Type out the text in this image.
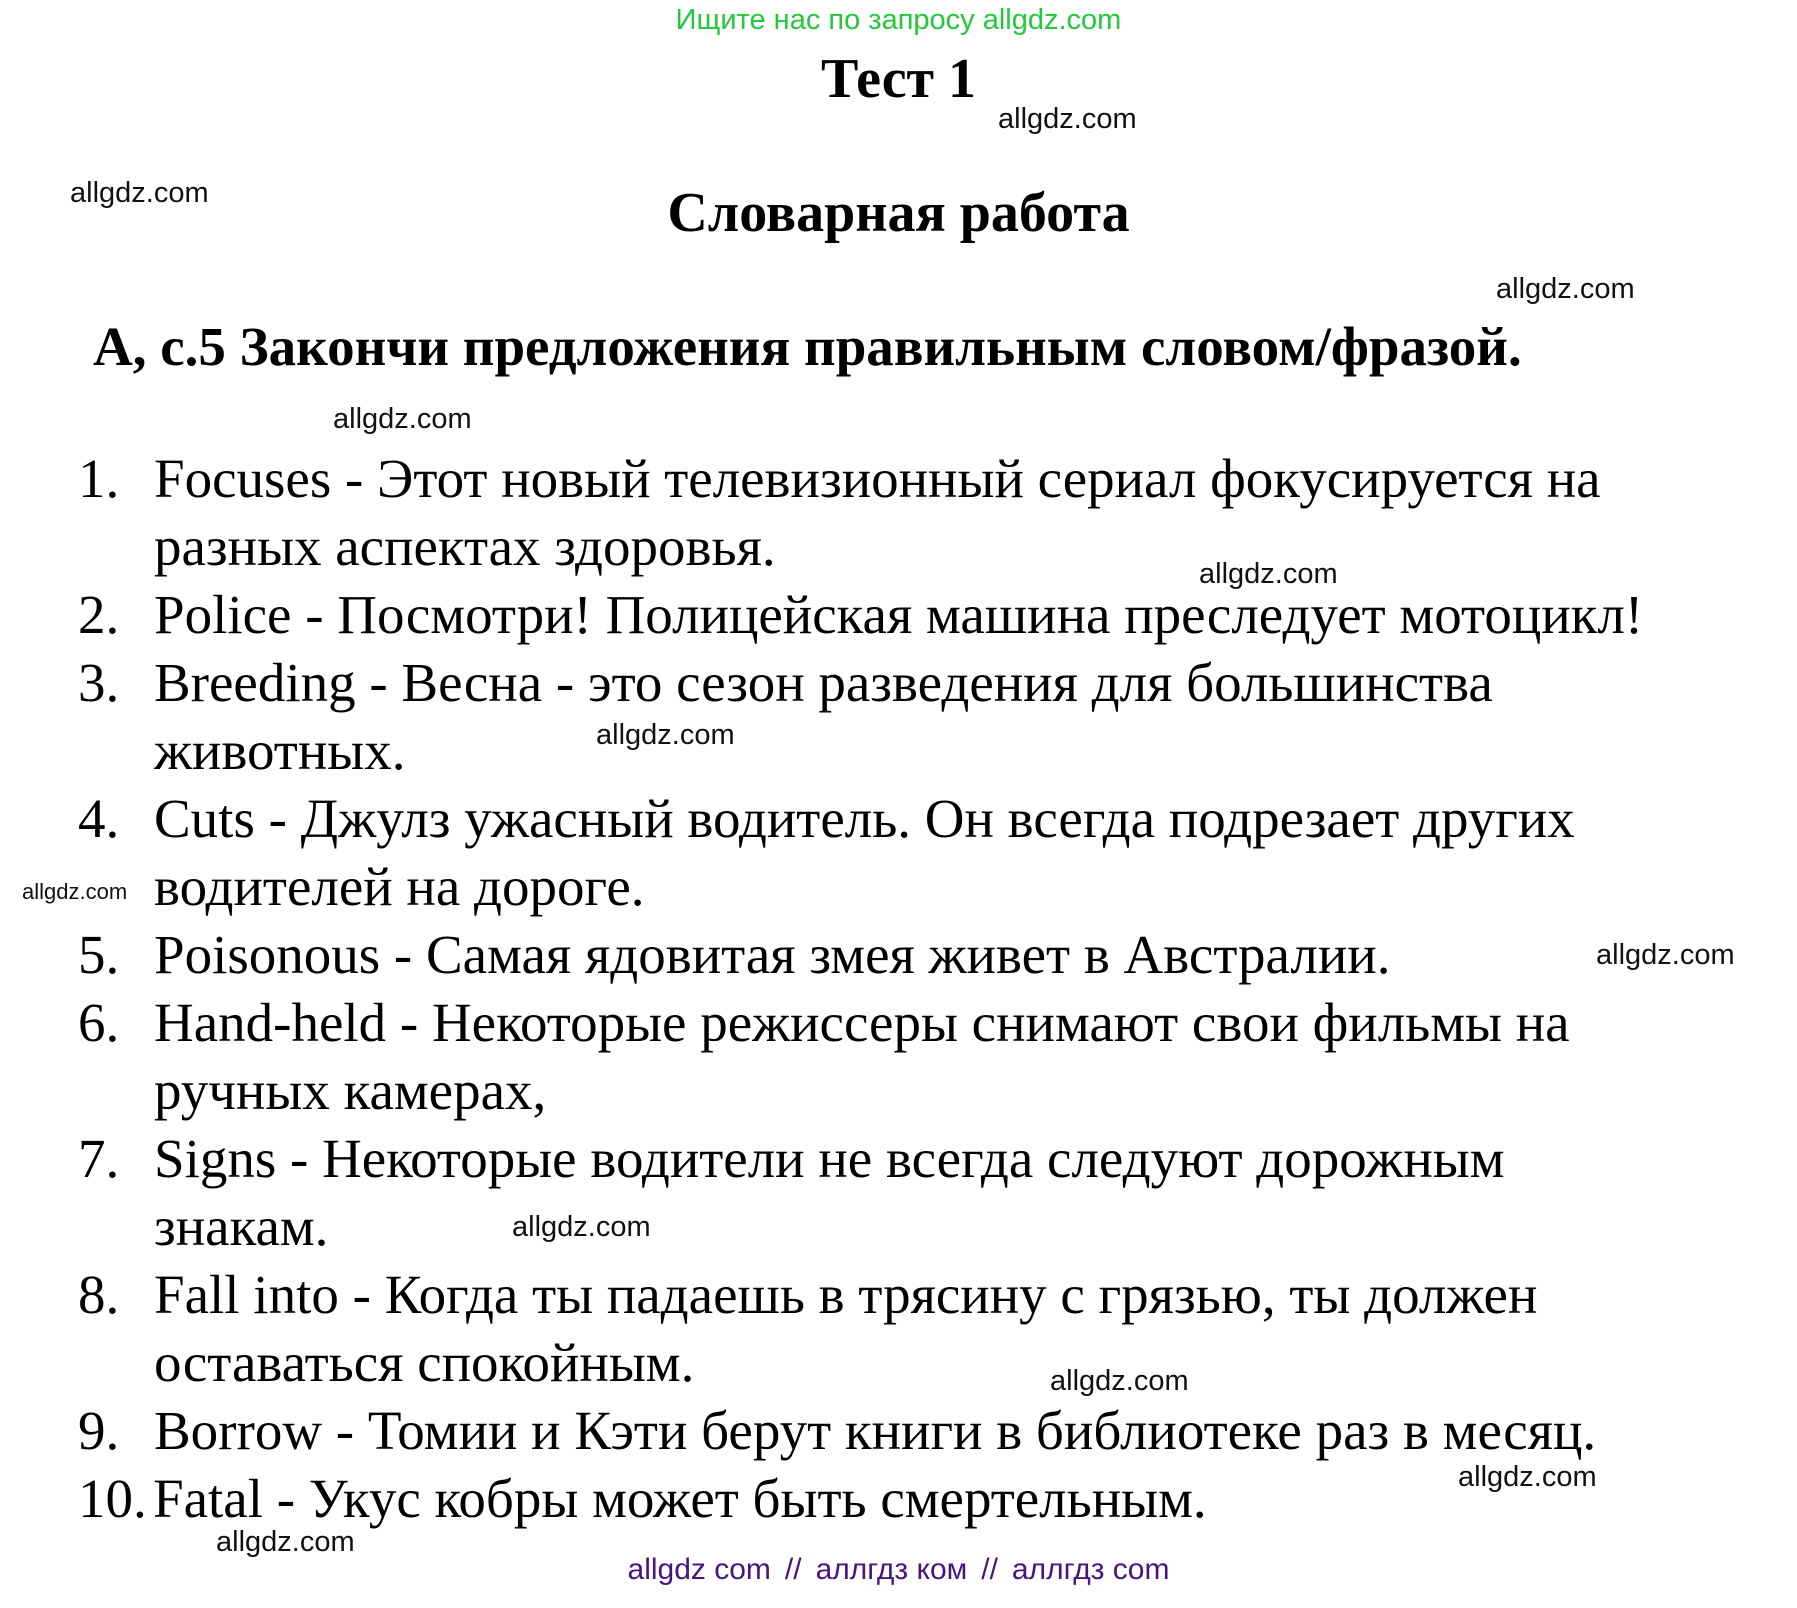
Ищите нас по запросу allgdz.com
Тест 1
Словарная работа
A, с.5 Закончи предложения правильным словом/фразой.
1. Focuses - Этот новый телевизионный сериал фокусируется на
разных аспектах здоровья.
2. Police - Посмотри! Полицейская машина преследует мотоцикл!
3. Breeding - Весна - это сезон разведения для большинства
животных.
4. Cuts - Джулз ужасный водитель. Он всегда подрезает других
водителей на дороге.
5. Poisonous - Самая ядовитая змея живет в Австралии.
6. Hand-held - Некоторые режиссеры снимают свои фильмы на
ручных камерах,
7. Signs - Некоторые водители не всегда следуют дорожным
знакам.
8. Fall into - Когда ты падаешь в трясину с грязью, ты должен
оставаться спокойным.
9. Borrow - Томии и Кэти берут книги в библиотеке раз в месяц.
10. Fatal - Укус кобры может быть смертельным.
allgdz.com
allgdz.com
allgdz.com
allgdz.com
allgdz.com
allgdz.com
allgdz.com
allgdz.com
allgdz.com
allgdz.com
allgdz.com
allgdz.com
allgdz com // аллгдз ком // аллгдз com
